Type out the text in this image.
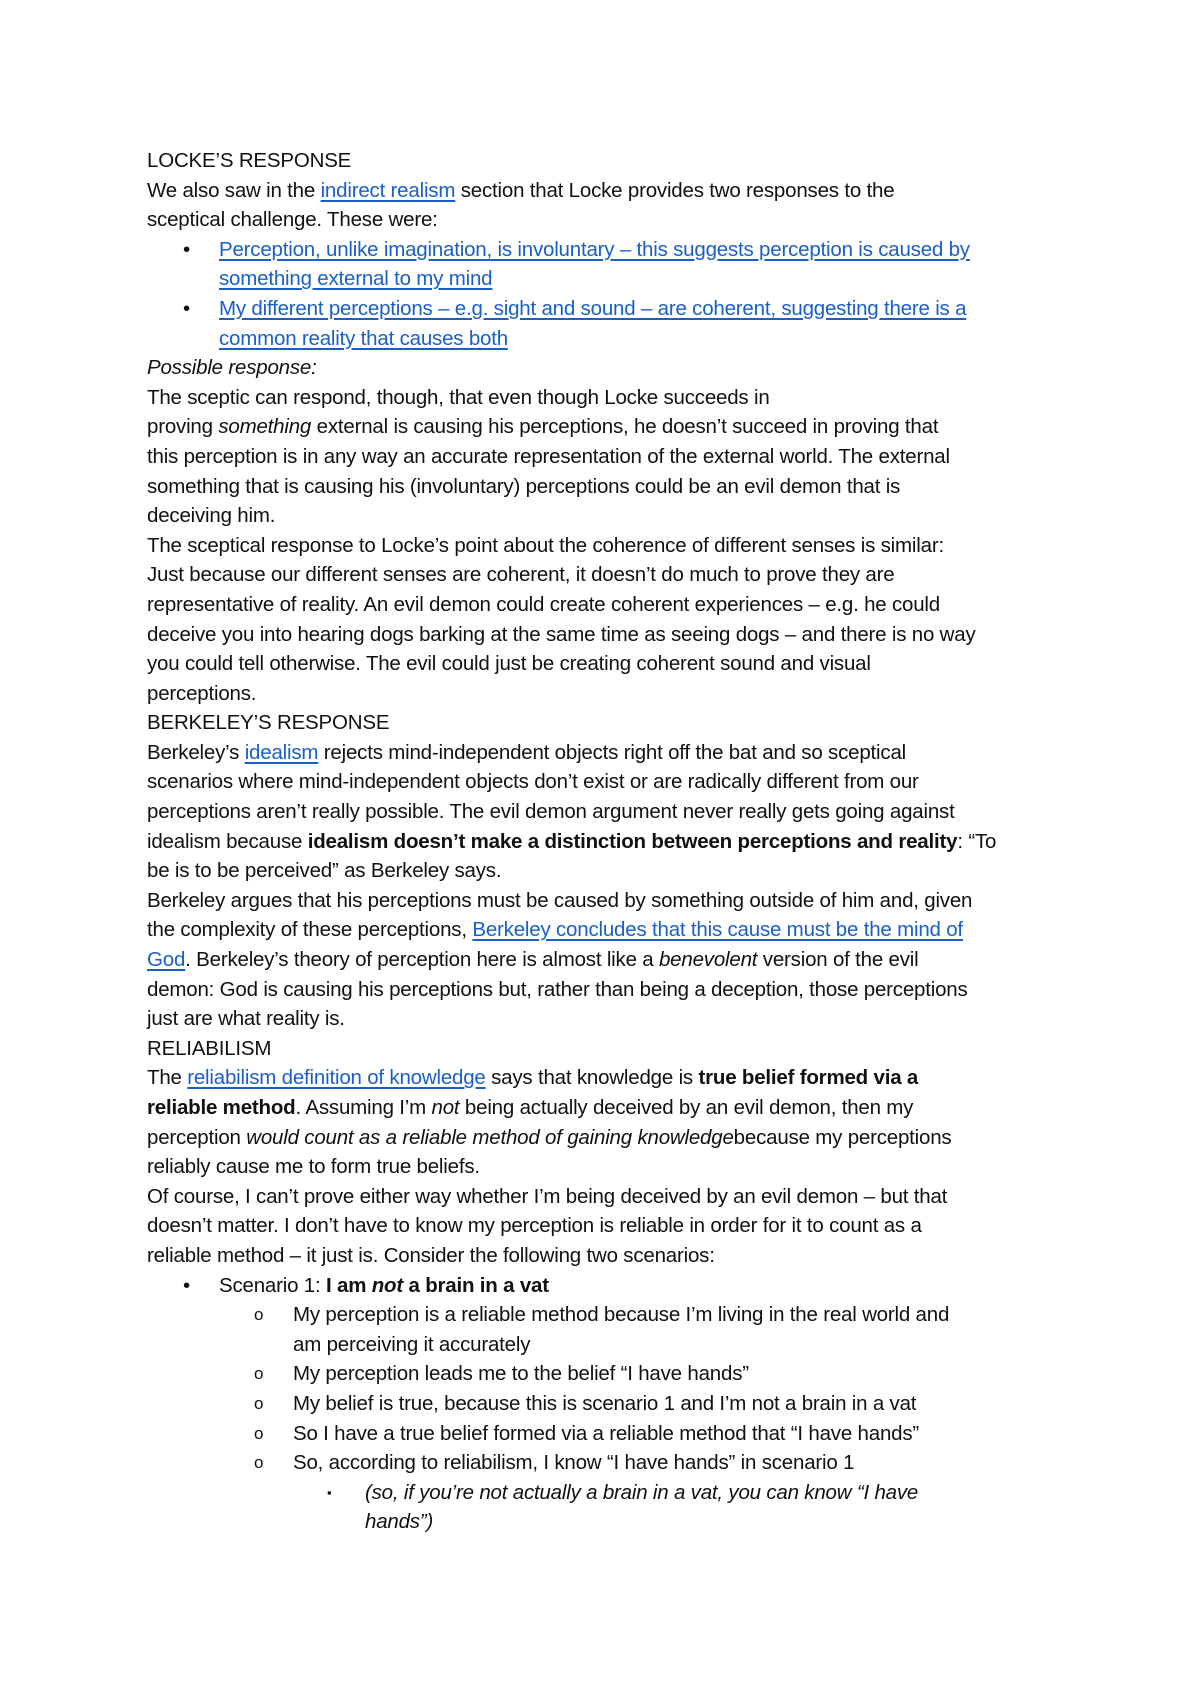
LOCKE’S RESPONSE
We also saw in the indirect realism section that Locke provides two responses to the
sceptical challenge. These were:
• Perception, unlike imagination, is involuntary – this suggests perception is caused by
something external to my mind
• My different perceptions – e.g. sight and sound – are coherent, suggesting there is a
common reality that causes both
Possible response:
The sceptic can respond, though, that even though Locke succeeds in
proving something external is causing his perceptions, he doesn’t succeed in proving that
this perception is in any way an accurate representation of the external world. The external
something that is causing his (involuntary) perceptions could be an evil demon that is
deceiving him.
The sceptical response to Locke’s point about the coherence of different senses is similar:
Just because our different senses are coherent, it doesn’t do much to prove they are
representative of reality. An evil demon could create coherent experiences – e.g. he could
deceive you into hearing dogs barking at the same time as seeing dogs – and there is no way
you could tell otherwise. The evil could just be creating coherent sound and visual
perceptions.
BERKELEY’S RESPONSE
Berkeley’s idealism rejects mind-independent objects right off the bat and so sceptical
scenarios where mind-independent objects don’t exist or are radically different from our
perceptions aren’t really possible. The evil demon argument never really gets going against
idealism because idealism doesn’t make a distinction between perceptions and reality: “To
be is to be perceived” as Berkeley says.
Berkeley argues that his perceptions must be caused by something outside of him and, given
the complexity of these perceptions, Berkeley concludes that this cause must be the mind of
God. Berkeley’s theory of perception here is almost like a benevolent version of the evil
demon: God is causing his perceptions but, rather than being a deception, those perceptions
just are what reality is.
RELIABILISM
The reliabilism definition of knowledge says that knowledge is true belief formed via a
reliable method. Assuming I’m not being actually deceived by an evil demon, then my
perception would count as a reliable method of gaining knowledgebecause my perceptions
reliably cause me to form true beliefs.
Of course, I can’t prove either way whether I’m being deceived by an evil demon – but that
doesn’t matter. I don’t have to know my perception is reliable in order for it to count as a
reliable method – it just is. Consider the following two scenarios:
• Scenario 1: I am not a brain in a vat
o My perception is a reliable method because I’m living in the real world and
am perceiving it accurately
o My perception leads me to the belief “I have hands”
o My belief is true, because this is scenario 1 and I’m not a brain in a vat
o So I have a true belief formed via a reliable method that “I have hands”
o So, according to reliabilism, I know “I have hands” in scenario 1
▪ (so, if you’re not actually a brain in a vat, you can know “I have
hands”)
